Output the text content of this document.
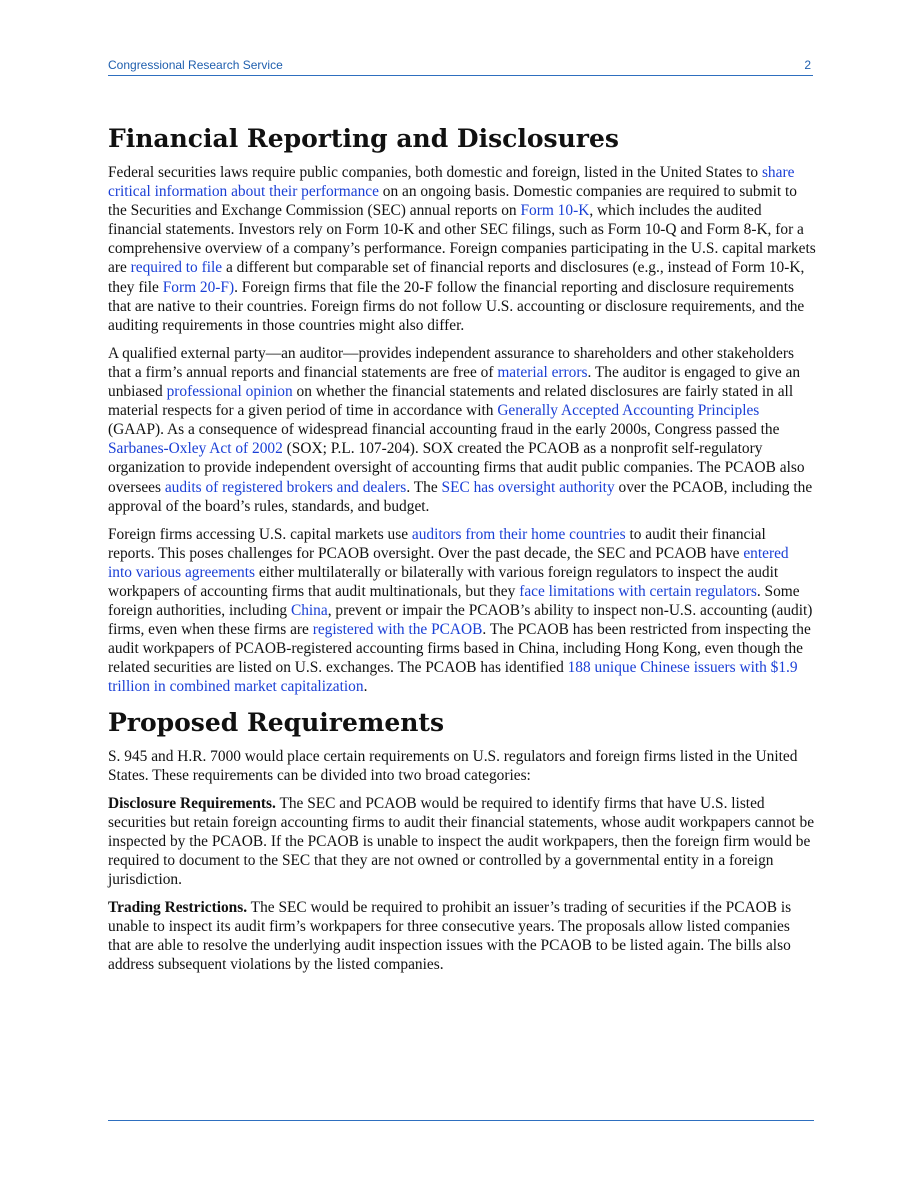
Congressional Research Service	2
Financial Reporting and Disclosures

Federal securities laws require public companies, both domestic and foreign, listed in the United States to share critical information about their performance on an ongoing basis. Domestic companies are required to submit to the Securities and Exchange Commission (SEC) annual reports on Form 10-K, which includes the audited financial statements. Investors rely on Form 10-K and other SEC filings, such as Form 10-Q and Form 8-K, for a comprehensive overview of a company’s performance. Foreign companies participating in the U.S. capital markets are required to file a different but comparable set of financial reports and disclosures (e.g., instead of Form 10-K, they file Form 20-F). Foreign firms that file the 20-F follow the financial reporting and disclosure requirements that are native to their countries. Foreign firms do not follow U.S. accounting or disclosure requirements, and the auditing requirements in those countries might also differ.

A qualified external party—an auditor—provides independent assurance to shareholders and other stakeholders that a firm’s annual reports and financial statements are free of material errors. The auditor is engaged to give an unbiased professional opinion on whether the financial statements and related disclosures are fairly stated in all material respects for a given period of time in accordance with Generally Accepted Accounting Principles (GAAP). As a consequence of widespread financial accounting fraud in the early 2000s, Congress passed the Sarbanes-Oxley Act of 2002 (SOX; P.L. 107-204). SOX created the PCAOB as a nonprofit self-regulatory organization to provide independent oversight of accounting firms that audit public companies. The PCAOB also oversees audits of registered brokers and dealers. The SEC has oversight authority over the PCAOB, including the approval of the board’s rules, standards, and budget.

Foreign firms accessing U.S. capital markets use auditors from their home countries to audit their financial reports. This poses challenges for PCAOB oversight. Over the past decade, the SEC and PCAOB have entered into various agreements either multilaterally or bilaterally with various foreign regulators to inspect the audit workpapers of accounting firms that audit multinationals, but they face limitations with certain regulators. Some foreign authorities, including China, prevent or impair the PCAOB’s ability to inspect non-U.S. accounting (audit) firms, even when these firms are registered with the PCAOB. The PCAOB has been restricted from inspecting the audit workpapers of PCAOB-registered accounting firms based in China, including Hong Kong, even though the related securities are listed on U.S. exchanges. The PCAOB has identified 188 unique Chinese issuers with $1.9 trillion in combined market capitalization.

Proposed Requirements

S. 945 and H.R. 7000 would place certain requirements on U.S. regulators and foreign firms listed in the United States. These requirements can be divided into two broad categories:

Disclosure Requirements. The SEC and PCAOB would be required to identify firms that have U.S. listed securities but retain foreign accounting firms to audit their financial statements, whose audit workpapers cannot be inspected by the PCAOB. If the PCAOB is unable to inspect the audit workpapers, then the foreign firm would be required to document to the SEC that they are not owned or controlled by a governmental entity in a foreign jurisdiction.

Trading Restrictions. The SEC would be required to prohibit an issuer’s trading of securities if the PCAOB is unable to inspect its audit firm’s workpapers for three consecutive years. The proposals allow listed companies that are able to resolve the underlying audit inspection issues with the PCAOB to be listed again. The bills also address subsequent violations by the listed companies.
